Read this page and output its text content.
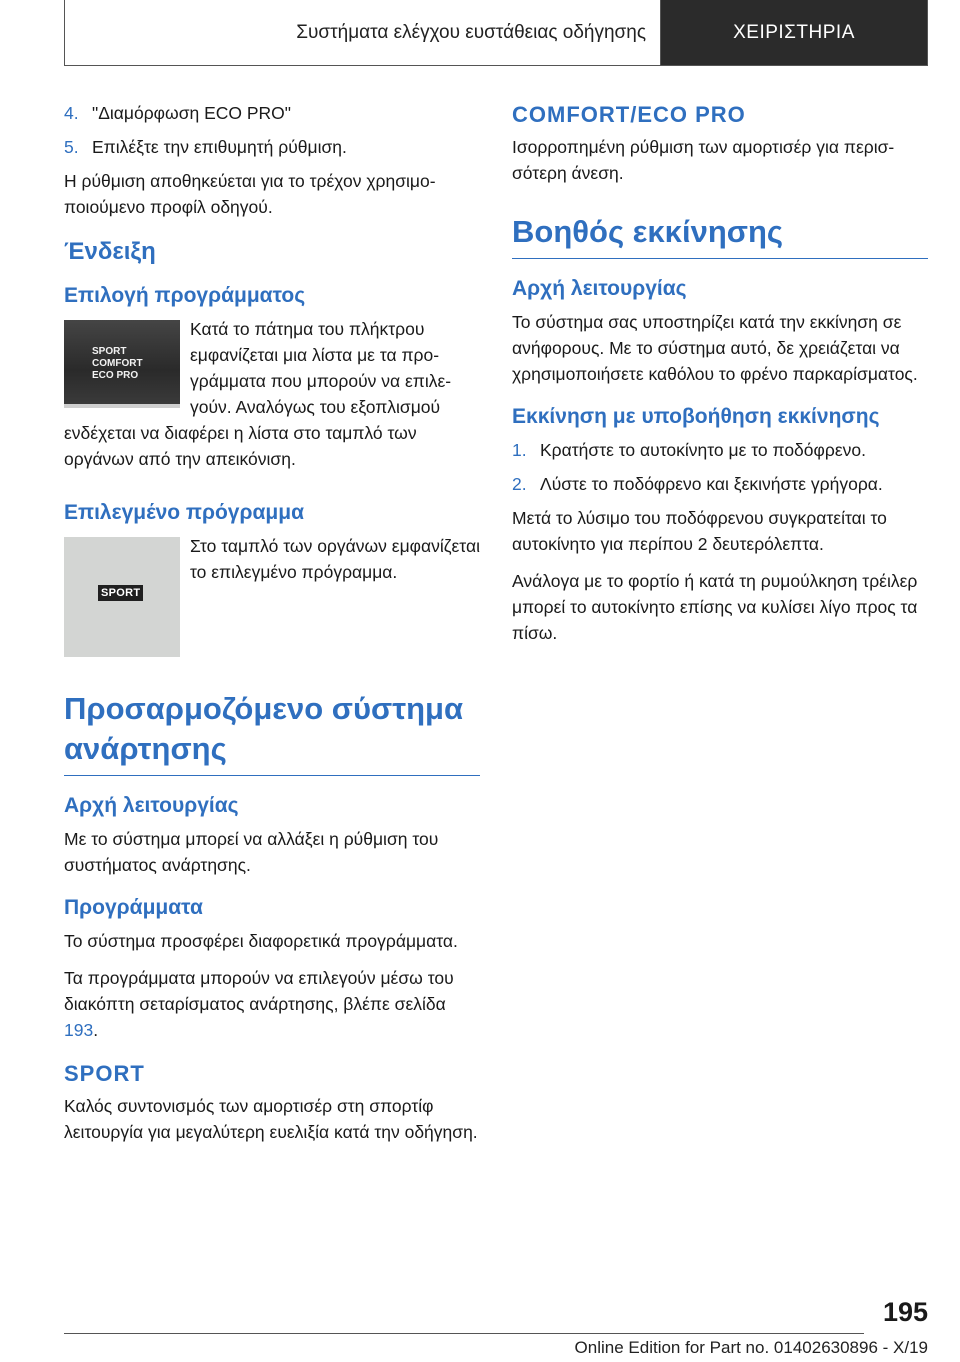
Συστήματα ελέγχου ευστάθειας οδήγησης	ΧΕΙΡΙΣΤΗΡΙΑ
4. "Διαμόρφωση ECO PRO"
5. Επιλέξτε την επιθυμητή ρύθμιση.

Η ρύθμιση αποθηκεύεται για το τρέχον χρησιμοποιούμενο προφίλ οδηγού.

Ένδειξη
Επιλογή προγράμματος
SPORT
COMFORT
ECO PRO

Κατά το πάτημα του πλήκτρου εμφανίζεται μια λίστα με τα προγράμματα που μπορούν να επιλεγούν. Αναλόγως του εξοπλισμού ενδέχεται να διαφέρει η λίστα στο ταμπλό των οργάνων από την απεικόνιση.

Επιλεγμένο πρόγραμμα
SPORT

Στο ταμπλό των οργάνων εμφανίζεται το επιλεγμένο πρόγραμμα.

Προσαρμοζόμενο σύστημα ανάρτησης
Αρχή λειτουργίας

Με το σύστημα μπορεί να αλλάξει η ρύθμιση του συστήματος ανάρτησης.

Προγράμματα

Το σύστημα προσφέρει διαφορετικά προγράμματα.

Τα προγράμματα μπορούν να επιλεγούν μέσω του διακόπτη σεταρίσματος ανάρτησης, βλέπε σελίδα 193.

SPORT

Καλός συντονισμός των αμορτισέρ στη σπορτίφ λειτουργία για μεγαλύτερη ευελιξία κατά την οδήγηση.

COMFORT/ECO PRO

Ισορροπημένη ρύθμιση των αμορτισέρ για περισσότερη άνεση.

Βοηθός εκκίνησης
Αρχή λειτουργίας

Το σύστημα σας υποστηρίζει κατά την εκκίνηση σε ανήφορους. Με το σύστημα αυτό, δε χρειάζεται να χρησιμοποιήσετε καθόλου το φρένο παρκαρίσματος.

Εκκίνηση με υποβοήθηση εκκίνησης
1. Κρατήστε το αυτοκίνητο με το ποδόφρενο.
2. Λύστε το ποδόφρενο και ξεκινήστε γρήγορα.

Μετά το λύσιμο του ποδόφρενου συγκρατείται το αυτοκίνητο για περίπου 2 δευτερόλεπτα.

Ανάλογα με το φορτίο ή κατά τη ρυμούλκηση τρέιλερ μπορεί το αυτοκίνητο επίσης να κυλίσει λίγο προς τα πίσω.

195
Online Edition for Part no. 01402630896 - X/19
